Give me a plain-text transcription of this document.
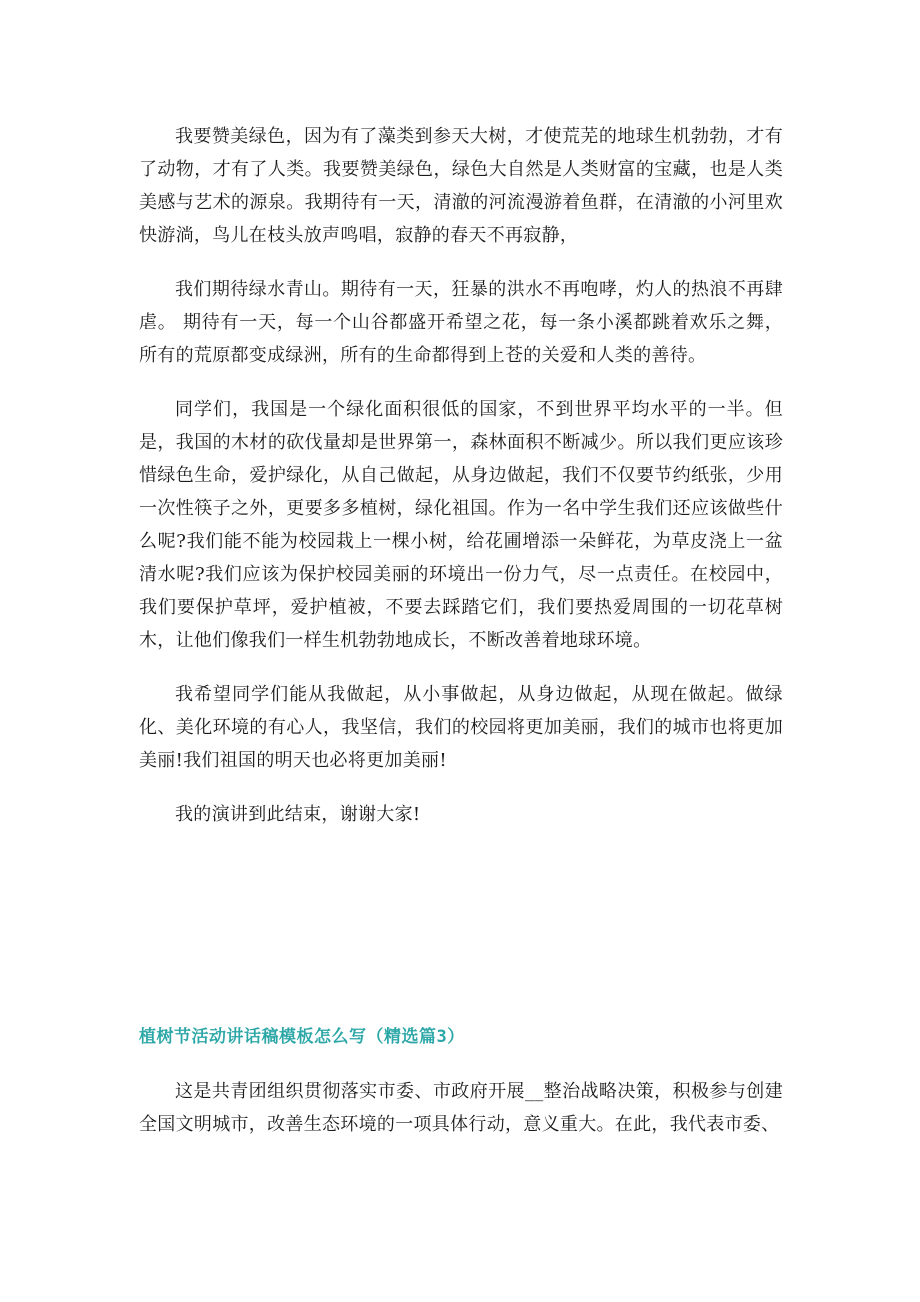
我要赞美绿色，因为有了藻类到参天大树，才使荒芜的地球生机勃勃，才有了动物，才有了人类。我要赞美绿色，绿色大自然是人类财富的宝藏，也是人类美感与艺术的源泉。我期待有一天，清澈的河流漫游着鱼群，在清澈的小河里欢快游淌，鸟儿在枝头放声鸣唱，寂静的春天不再寂静，

我们期待绿水青山。期待有一天，狂暴的洪水不再咆哮，灼人的热浪不再肆虐。 期待有一天，每一个山谷都盛开希望之花，每一条小溪都跳着欢乐之舞，所有的荒原都变成绿洲，所有的生命都得到上苍的关爱和人类的善待。

同学们，我国是一个绿化面积很低的国家，不到世界平均水平的一半。但是，我国的木材的砍伐量却是世界第一，森林面积不断减少。所以我们更应该珍惜绿色生命，爱护绿化，从自己做起，从身边做起，我们不仅要节约纸张，少用一次性筷子之外，更要多多植树，绿化祖国。作为一名中学生我们还应该做些什么呢?我们能不能为校园栽上一棵小树，给花圃增添一朵鲜花，为草皮浇上一盆清水呢?我们应该为保护校园美丽的环境出一份力气，尽一点责任。在校园中，我们要保护草坪，爱护植被，不要去踩踏它们，我们要热爱周围的一切花草树木，让他们像我们一样生机勃勃地成长，不断改善着地球环境。

我希望同学们能从我做起，从小事做起，从身边做起，从现在做起。做绿化、美化环境的有心人，我坚信，我们的校园将更加美丽，我们的城市也将更加美丽!我们祖国的明天也必将更加美丽!

我的演讲到此结束，谢谢大家!

植树节活动讲话稿模板怎么写（精选篇3）

这是共青团组织贯彻落实市委、市政府开展__整治战略决策，积极参与创建全国文明城市，改善生态环境的一项具体行动，意义重大。在此，我代表市委、
